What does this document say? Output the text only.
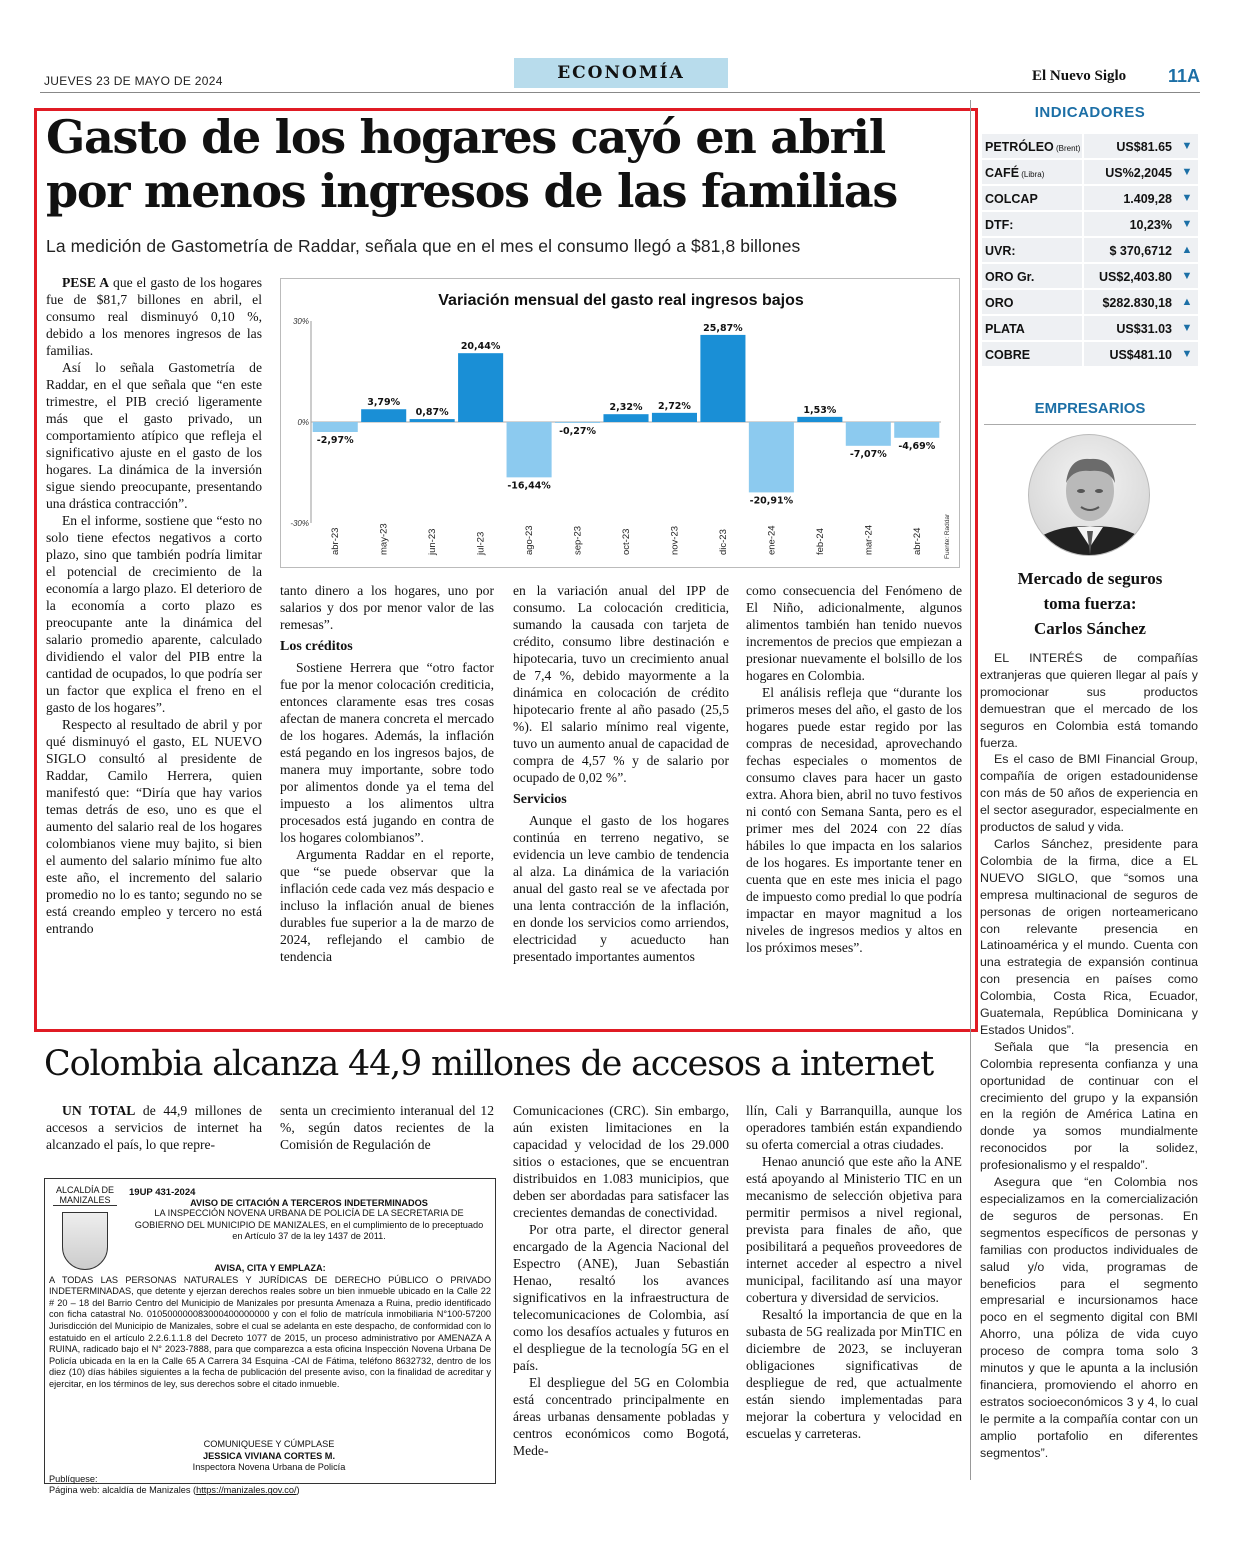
JUEVES 23 DE MAYO DE 2024	ECONOMÍA	El Nuevo Siglo 11A
Gasto de los hogares cayó en abril
por menos ingresos de las familias
La medición de Gastometría de Raddar, señala que en el mes el consumo llegó a $81,8 billones

PESE A que el gasto de los hogares fue de $81,7 billones en abril, el consumo real disminuyó 0,10 %, debido a los menores ingresos de las familias.

Así lo señala Gastometría de Raddar, en el que señala que “en este trimestre, el PIB creció ligeramente más que el gasto privado, un comportamiento atípico que refleja el significativo ajuste en el gasto de los hogares. La dinámica de la inversión sigue siendo preocupante, presentando una drástica contracción”.

En el informe, sostiene que “esto no solo tiene efectos negativos a corto plazo, sino que también podría limitar el potencial de crecimiento de la economía a largo plazo. El deterioro de la economía a corto plazo es preocupante ante la dinámica del salario promedio aparente, calculado dividiendo el valor del PIB entre la cantidad de ocupados, lo que podría ser un factor que explica el freno en el gasto de los hogares”.

Respecto al resultado de abril y por qué disminuyó el gasto, EL NUEVO SIGLO consultó al presidente de Raddar, Camilo Herrera, quien manifestó que: “Diría que hay varios temas detrás de eso, uno es que el aumento del salario real de los hogares colombianos viene muy bajito, si bien el aumento del salario mínimo fue alto este año, el incremento del salario promedio no lo es tanto; segundo no se está creando empleo y tercero no está entrando

tanto dinero a los hogares, uno por salarios y dos por menor valor de las remesas”.

Los créditos

Sostiene Herrera que “otro factor fue por la menor colocación crediticia, entonces claramente esas tres cosas afectan de manera concreta el mercado de los hogares. Además, la inflación está pegando en los ingresos bajos, de manera muy importante, sobre todo por alimentos donde ya el tema del impuesto a los alimentos ultra procesados está jugando en contra de los hogares colombianos”.

Argumenta Raddar en el reporte, que “se puede observar que la inflación cede cada vez más despacio e incluso la inflación anual de bienes durables fue superior a la de marzo de 2024, reflejando el cambio de tendencia

en la variación anual del IPP de consumo. La colocación crediticia, sumando la causada con tarjeta de crédito, consumo libre destinación e hipotecaria, tuvo un crecimiento anual de 7,4 %, debido mayormente a la dinámica en colocación de crédito hipotecario frente al año pasado (25,5 %). El salario mínimo real vigente, tuvo un aumento anual de capacidad de compra de 4,57 % y de salario por ocupado de 0,02 %”.

Servicios

Aunque el gasto de los hogares continúa en terreno negativo, se evidencia un leve cambio de tendencia al alza. La dinámica de la variación anual del gasto real se ve afectada por una lenta contracción de la inflación, en donde los servicios como arriendos, electricidad y acueducto han presentado importantes aumentos

como consecuencia del Fenómeno de El Niño, adicionalmente, algunos alimentos también han tenido nuevos incrementos de precios que empiezan a presionar nuevamente el bolsillo de los hogares en Colombia.

El análisis refleja que “durante los primeros meses del año, el gasto de los hogares puede estar regido por las compras de necesidad, aprovechando fechas especiales o momentos de consumo claves para hacer un gasto extra. Ahora bien, abril no tuvo festivos ni contó con Semana Santa, pero es el primer mes del 2024 con 22 días hábiles lo que impacta en los salarios de los hogares. Es importante tener en cuenta que en este mes inicia el pago de impuesto como predial lo que podría impactar en mayor magnitud a los niveles de ingresos medios y altos en los próximos meses”.

Variación mensual del gasto real ingresos bajos
30%
0%
-30%
-2,97%
abr-23
3,79%
may-23
0,87%
jun-23
20,44%
jul-23
-16,44%
ago-23
-0,27%
sep-23
2,32%
oct-23
2,72%
nov-23
25,87%
dic-23
-20,91%
ene-24
1,53%
feb-24
-7,07%
mar-24
-4,69%
abr-24	Fuente: Raddar
INDICADORES
PETRÓLEO (Brent)	US$81.65 ▼
CAFÉ (Libra)	US%2,2045 ▼
COLCAP	1.409,28 ▼
DTF:	10,23% ▼
UVR:	$ 370,6712 ▲
ORO Gr.	US$2,403.80 ▼
ORO	$282.830,18 ▲
PLATA	US$31.03 ▼
COBRE	US$481.10 ▼
EMPRESARIOS
Mercado de seguros
toma fuerza:
Carlos Sánchez

EL INTERÉS de compañías extranjeras que quieren llegar al país y promocionar sus productos demuestran que el mercado de los seguros en Colombia está tomando fuerza.

Es el caso de BMI Financial Group, compañía de origen estadounidense con más de 50 años de experiencia en el sector asegurador, especialmente en productos de salud y vida.

Carlos Sánchez, presidente para Colombia de la firma, dice a EL NUEVO SIGLO, que “somos una empresa multinacional de seguros de personas de origen norteamericano con relevante presencia en Latinoamérica y el mundo. Cuenta con una estrategia de expansión continua con presencia en países como Colombia, Costa Rica, Ecuador, Guatemala, República Dominicana y Estados Unidos”.

Señala que “la presencia en Colombia representa confianza y una oportunidad de continuar con el crecimiento del grupo y la expansión en la región de América Latina en donde ya somos mundialmente reconocidos por la solidez, profesionalismo y el respaldo”.

Asegura que “en Colombia nos especializamos en la comercialización de seguros de personas. En segmentos específicos de personas y familias con productos individuales de salud y/o vida, programas de beneficios para el segmento empresarial e incursionamos hace poco en el segmento digital con BMI Ahorro, una póliza de vida cuyo proceso de compra toma solo 3 minutos y que le apunta a la inclusión financiera, promoviendo el ahorro en estratos socioeconómicos 3 y 4, lo cual le permite a la compañía contar con un amplio portafolio en diferentes segmentos”.

Colombia alcanza 44,9 millones de accesos a internet

UN TOTAL de 44,9 millones de accesos a servicios de internet ha alcanzado el país, lo que repre-

senta un crecimiento interanual del 12 %, según datos recientes de la Comisión de Regulación de

Comunicaciones (CRC). Sin embargo, aún existen limitaciones en la capacidad y velocidad de los 29.000 sitios o estaciones, que se encuentran distribuidos en 1.083 municipios, que deben ser abordadas para satisfacer las crecientes demandas de conectividad.

Por otra parte, el director general encargado de la Agencia Nacional del Espectro (ANE), Juan Sebastián Henao, resaltó los avances significativos en la infraestructura de telecomunicaciones de Colombia, así como los desafíos actuales y futuros en el despliegue de la tecnología 5G en el país.

El despliegue del 5G en Colombia está concentrado principalmente en áreas urbanas densamente pobladas y centros económicos como Bogotá, Mede-

llín, Cali y Barranquilla, aunque los operadores también están expandiendo su oferta comercial a otras ciudades.

Henao anunció que este año la ANE está apoyando al Ministerio TIC en un mecanismo de selección objetiva para permitir permisos a nivel regional, prevista para finales de año, que posibilitará a pequeños proveedores de internet acceder al espectro a nivel municipal, facilitando así una mayor cobertura y diversidad de servicios.

Resaltó la importancia de que en la subasta de 5G realizada por MinTIC en diciembre de 2023, se incluyeran obligaciones significativas de despliegue de red, que actualmente están siendo implementadas para mejorar la cobertura y velocidad en escuelas y carreteras.

ALCALDÍA DE MANIZALES
19UP 431-2024
AVISO DE CITACIÓN A TERCEROS INDETERMINADOS
LA INSPECCIÓN NOVENA URBANA DE POLICÍA DE LA SECRETARIA DE GOBIERNO DEL MUNICIPIO DE MANIZALES, en el cumplimiento de lo preceptuado en Artículo 37 de la ley 1437 de 2011.
AVISA, CITA Y EMPLAZA:
A TODAS LAS PERSONAS NATURALES Y JURÍDICAS DE DERECHO PÚBLICO O PRIVADO INDETERMINADAS, que detente y ejerzan derechos reales sobre un bien inmueble ubicado en la Calle 22 # 20 – 18 del Barrio Centro del Municipio de Manizales por presunta Amenaza a Ruina, predio identificado con ficha catastral No. 010500000083000400000000 y con el folio de matrícula inmobiliaria N°100-57200 Jurisdicción del Municipio de Manizales, sobre el cual se adelanta en este despacho, de conformidad con lo estatuido en el artículo 2.2.6.1.1.8 del Decreto 1077 de 2015, un proceso administrativo por AMENAZA A RUINA, radicado bajo el N° 2023-7888, para que comparezca a esta oficina Inspección Novena Urbana De Policía ubicada en la en la Calle 65 A Carrera 34 Esquina -CAI de Fátima, teléfono 8632732, dentro de los diez (10) días hábiles siguientes a la fecha de publicación del presente aviso, con la finalidad de acreditar y ejercitar, en los términos de ley, sus derechos sobre el citado inmueble.
COMUNIQUESE Y CÚMPLASE
JESSICA VIVIANA CORTES M.
Inspectora Novena Urbana de Policía
Publíquese:
Página web: alcaldía de Manizales (https://manizales.gov.co/)
